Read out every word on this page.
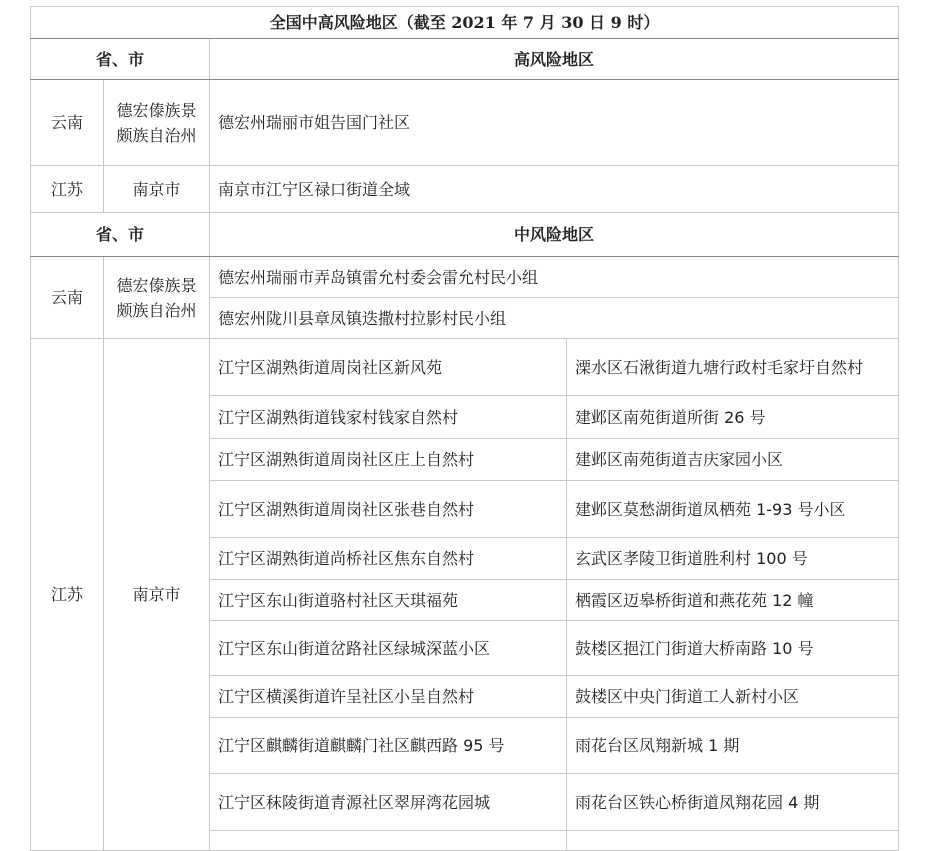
全国中高风险地区（截至 2021 年 7 月 30 日 9 时）			
省、市		高风险地区	
云南	德宏傣族景颇族自治州	德宏州瑞丽市姐告国门社区	
江苏	南京市	南京市江宁区禄口街道全域	
省、市		中风险地区	
云南	德宏傣族景颇族自治州	德宏州瑞丽市弄岛镇雷允村委会雷允村民小组	
		德宏州陇川县章凤镇迭撒村拉影村民小组	
江苏	南京市	江宁区湖熟街道周岗社区新风苑	溧水区石湫街道九塘行政村毛家圩自然村
		江宁区湖熟街道钱家村钱家自然村	建邺区南苑街道所街 26 号
		江宁区湖熟街道周岗社区庄上自然村	建邺区南苑街道吉庆家园小区
		江宁区湖熟街道周岗社区张巷自然村	建邺区莫愁湖街道凤栖苑 1-93 号小区
		江宁区湖熟街道尚桥社区焦东自然村	玄武区孝陵卫街道胜利村 100 号
		江宁区东山街道骆村社区天琪福苑	栖霞区迈皋桥街道和燕花苑 12 幢
		江宁区东山街道岔路社区绿城深蓝小区	鼓楼区挹江门街道大桥南路 10 号
		江宁区横溪街道许呈社区小呈自然村	鼓楼区中央门街道工人新村小区
		江宁区麒麟街道麒麟门社区麒西路 95 号	雨花台区凤翔新城 1 期
		江宁区秣陵街道青源社区翠屏湾花园城	雨花台区铁心桥街道凤翔花园 4 期
